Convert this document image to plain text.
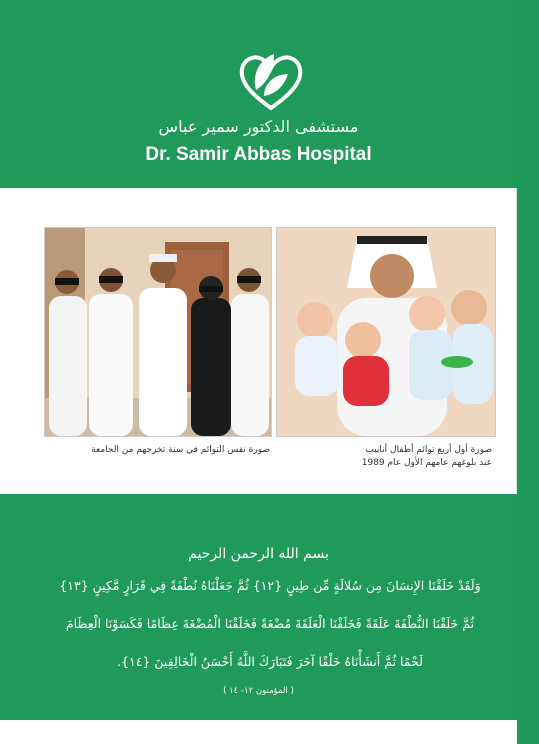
مستشفى الدكتور سمير عباس
Dr. Samir Abbas Hospital
صورة نفس التوائم في سنة تخرجهم من الجامعة	صورة أول أربع توائم أطفال أنابيب
عند بلوغهم عامهم الأول عام 1989
بسم الله الرحمن الرحيم
وَلَقَدْ خَلَقْنَا الإِنسَانَ مِن سُلالَةٍ مِّن طِينٍ {١٢} ثُمَّ جَعَلْنَاهُ نُطْفَةً فِي قَرَارٍ مَّكِينٍ {١٣}
ثُمَّ خَلَقْنَا النُّطْفَةَ عَلَقَةً فَخَلَقْنَا الْعَلَقَةَ مُضْغَةً فَخَلَقْنَا الْمُضْغَةَ عِظَامًا فَكَسَوْنَا الْعِظَامَ
لَحْمًا ثُمَّ أَنشَأْنَاهُ خَلْقًا آخَرَ فَتَبَارَكَ اللَّهُ أَحْسَنُ الْخَالِقِينَ {١٤}.
( المؤمنون ١٢- ١٤ )
